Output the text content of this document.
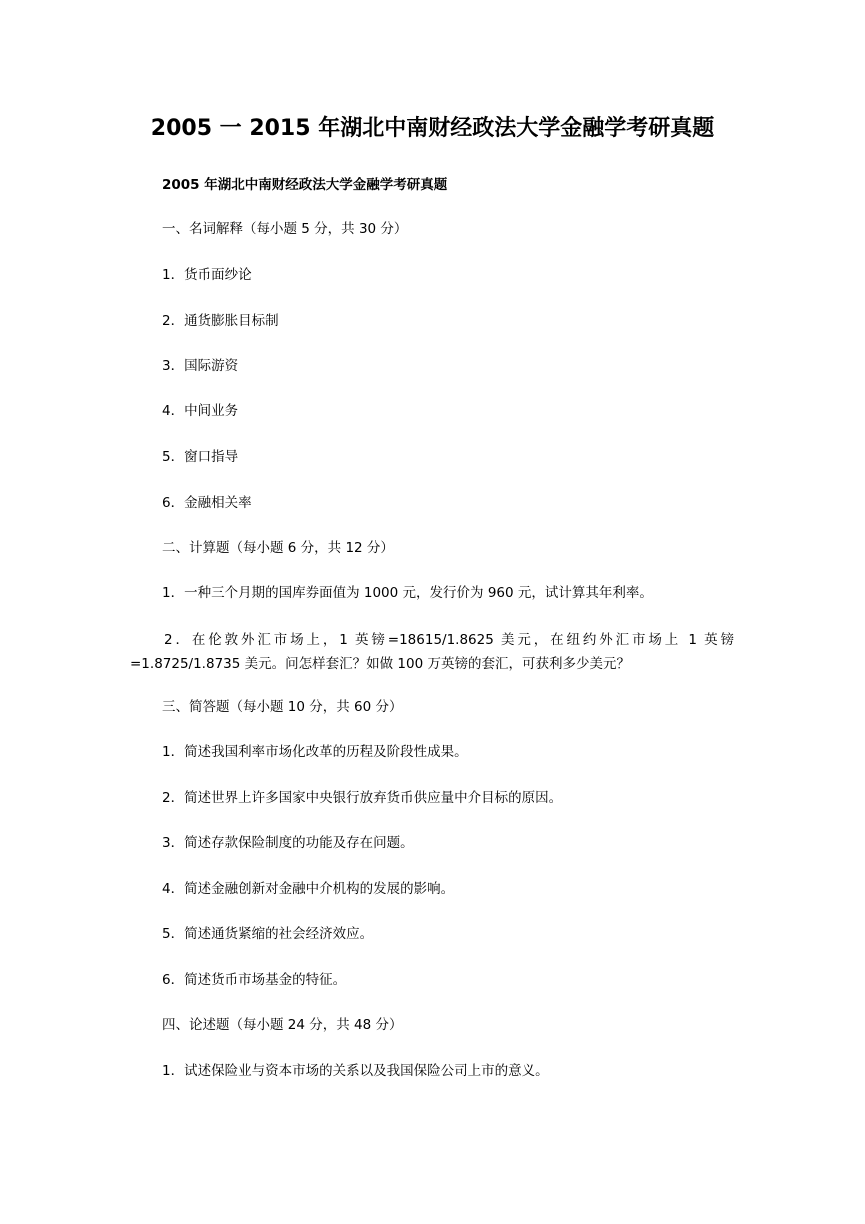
2005 一 2015 年湖北中南财经政法大学金融学考研真题
2005 年湖北中南财经政法大学金融学考研真题
一、名词解释（每小题 5 分，共 30 分）
1．货币面纱论
2．通货膨胀目标制
3．国际游资
4．中间业务
5．窗口指导
6．金融相关率
二、计算题（每小题 6 分，共 12 分）
1．一种三个月期的国库券面值为 1000 元，发行价为 960 元，试计算其年利率。
2．在伦敦外汇市场上，1 英镑=18615/1.8625 美元，在纽约外汇市场上 1 英镑
=1.8725/1.8735 美元。问怎样套汇？如做 100 万英镑的套汇，可获利多少美元？
三、简答题（每小题 10 分，共 60 分）
1．简述我国利率市场化改革的历程及阶段性成果。
2．简述世界上许多国家中央银行放弃货币供应量中介目标的原因。
3．简述存款保险制度的功能及存在问题。
4．简述金融创新对金融中介机构的发展的影响。
5．简述通货紧缩的社会经济效应。
6．简述货币市场基金的特征。
四、论述题（每小题 24 分，共 48 分）
1．试述保险业与资本市场的关系以及我国保险公司上市的意义。
